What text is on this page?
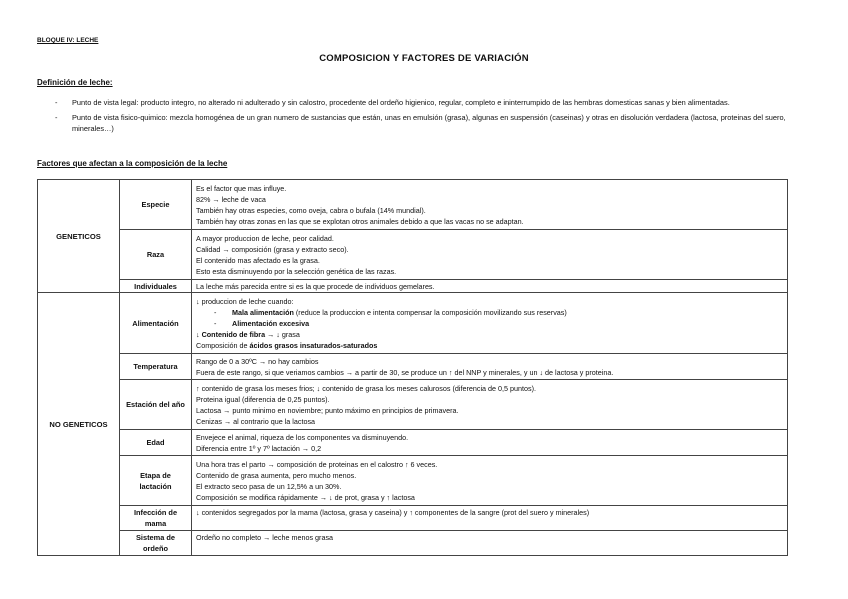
BLOQUE IV: LECHE
COMPOSICION Y FACTORES DE VARIACIÓN
Definición de leche:
- Punto de vista legal: producto integro, no alterado ni adulterado y sin calostro, procedente del ordeño higienico, regular, completo e ininterrumpido de las hembras domesticas sanas y bien alimentadas.
- Punto de vista fisico-quimico: mezcla homogénea de un gran numero de sustancias que están, unas en emulsión (grasa), algunas en suspensión (caseinas) y otras en disolución verdadera (lactosa, proteinas del suero, minerales…)
Factores que afectan a la composición de la leche
GENETICOS	Especie	Es el factor que mas influye.
82% → leche de vaca
También hay otras especies, como oveja, cabra o bufala (14% mundial).
También hay otras zonas en las que se explotan otros animales debido a que las vacas no se adaptan.

	Raza	A mayor produccion de leche, peor calidad.
Calidad → composición (grasa y extracto seco).
El contenido mas afectado es la grasa.
Esto esta disminuyendo por la selección genética de las razas.

	Individuales	La leche más parecida entre si es la que procede de individuos gemelares.

NO GENETICOS	Alimentación	↓ produccion de leche cuando:
- Mala alimentación (reduce la produccion e intenta compensar la composición movilizando sus reservas)
- Alimentación excesiva
↓ Contenido de fibra → ↓ grasa
Composición de ácidos grasos insaturados-saturados

	Temperatura	Rango de 0 a 30ºC → no hay cambios
Fuera de este rango, si que veriamos cambios → a partir de 30, se produce un ↑ del NNP y minerales, y un ↓ de lactosa y proteina.

	Estación del año	↑ contenido de grasa los meses frios; ↓ contenido de grasa los meses calurosos (diferencia de 0,5 puntos).
Proteina igual (diferencia de 0,25 puntos).
Lactosa → punto minimo en noviembre; punto máximo en principios de primavera.
Cenizas → al contrario que la lactosa

	Edad	Envejece el animal, riqueza de los componentes va disminuyendo.
Diferencia entre 1º y 7º lactación → 0,2

	Etapa de lactación	Una hora tras el parto → composición de proteinas en el calostro ↑ 6 veces.
Contenido de grasa aumenta, pero mucho menos.
El extracto seco pasa de un 12,5% a un 30%.
Composición se modifica rápidamente → ↓ de prot, grasa y ↑ lactosa

	Infección de mama	↓ contenidos segregados por la mama (lactosa, grasa y caseina) y ↑ componentes de la sangre (prot del suero y minerales)

	Sistema de ordeño	Ordeño no completo → leche menos grasa
